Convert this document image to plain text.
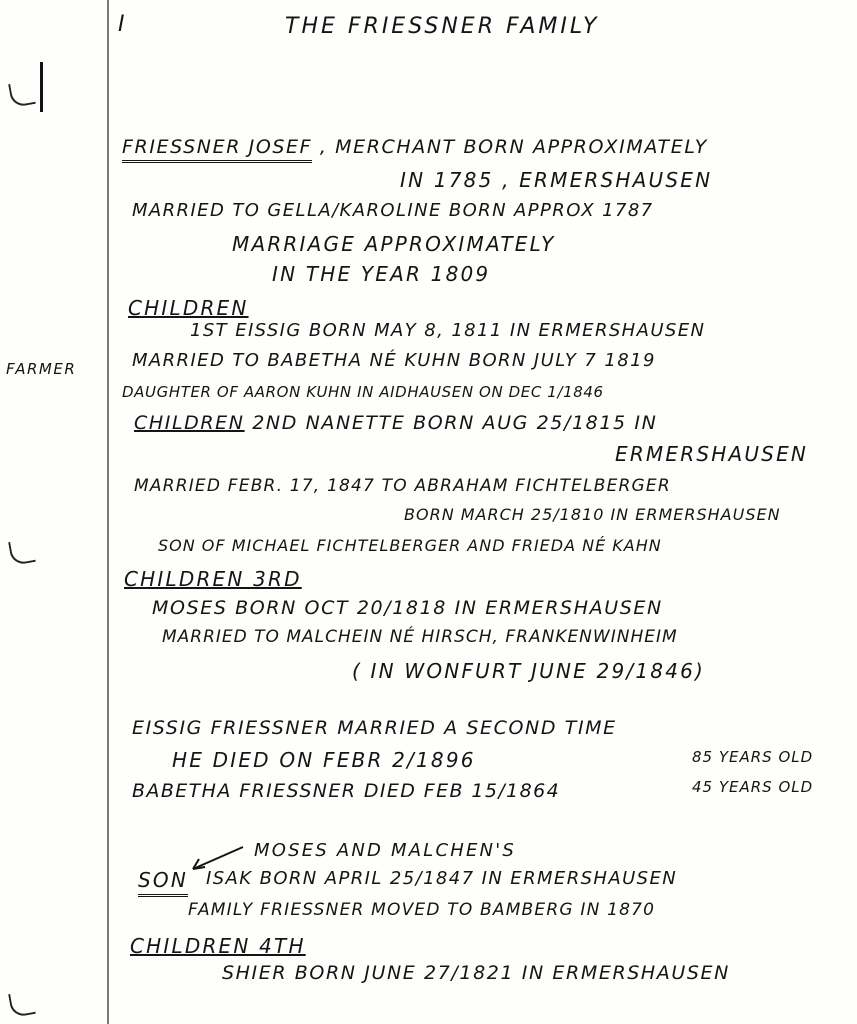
I	THE FRIESSNER FAMILY
FARMER
FRIESSNER JOSEF , MERCHANT BORN APPROXIMATELY
IN 1785 , ERMERSHAUSEN
MARRIED TO GELLA/KAROLINE BORN APPROX 1787
MARRIAGE APPROXIMATELY
IN THE YEAR 1809
CHILDREN
1ST EISSIG BORN MAY 8, 1811 IN ERMERSHAUSEN
MARRIED TO BABETHA NÉ KUHN BORN JULY 7 1819
DAUGHTER OF AARON KUHN IN AIDHAUSEN ON DEC 1/1846
CHILDREN 2ND NANETTE BORN AUG 25/1815 IN
ERMERSHAUSEN
MARRIED FEBR. 17, 1847 TO ABRAHAM FICHTELBERGER
BORN MARCH 25/1810 IN ERMERSHAUSEN
SON OF MICHAEL FICHTELBERGER AND FRIEDA NÉ KAHN
CHILDREN 3RD
MOSES BORN OCT 20/1818 IN ERMERSHAUSEN
MARRIED TO MALCHEIN NÉ HIRSCH, FRANKENWINHEIM
( IN WONFURT JUNE 29/1846)
EISSIG FRIESSNER MARRIED A SECOND TIME
HE DIED ON FEBR 2/1896	85 YEARS OLD
BABETHA FRIESSNER DIED FEB 15/1864	45 YEARS OLD
MOSES AND MALCHEN'S
SON ISAK BORN APRIL 25/1847 IN ERMERSHAUSEN
FAMILY FRIESSNER MOVED TO BAMBERG IN 1870
CHILDREN 4TH
SHIER BORN JUNE 27/1821 IN ERMERSHAUSEN
